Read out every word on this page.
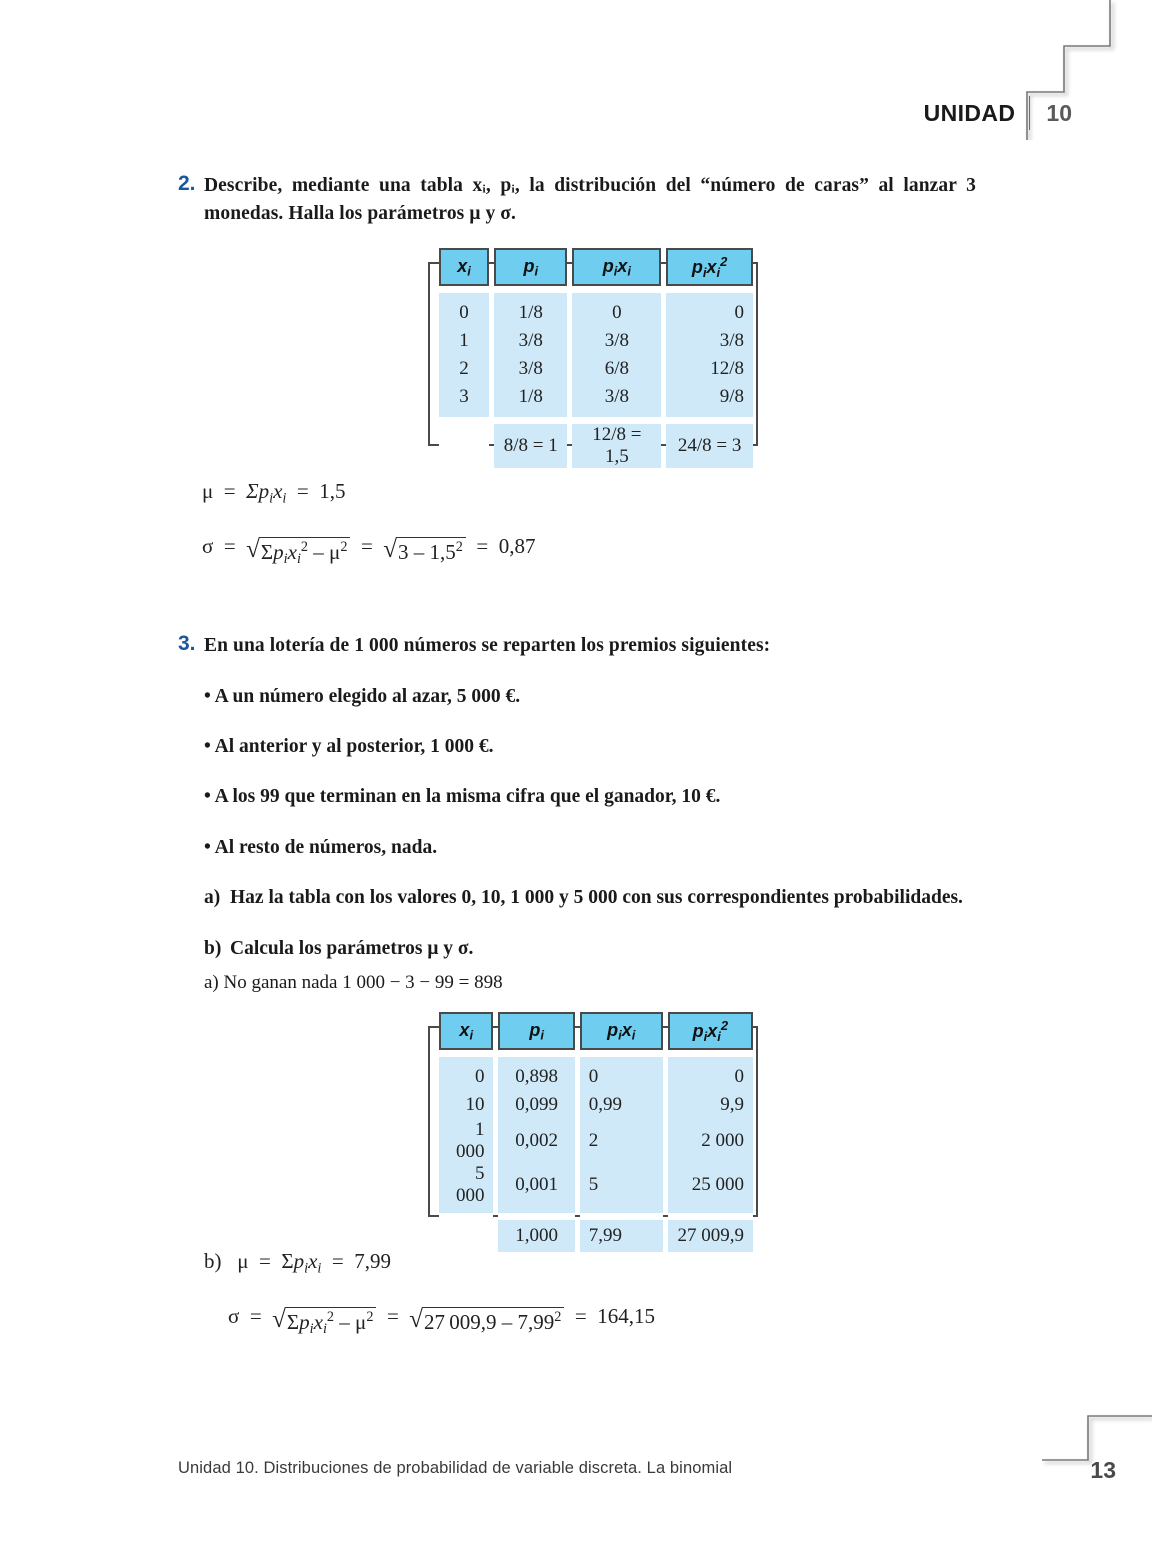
UNIDAD 10
2. Describe, mediante una tabla xᵢ, pᵢ, la distribución del “número de caras” al lanzar 3 monedas. Halla los parámetros μ y σ.
$x_i$	$p_i$	$p_ix_i$	$p_ix_i^2$

0	1/8	0	0
1	3/8	3/8	3/8
2	3/8	6/8	12/8
3	1/8	3/8	9/8

	8/8 = 1	12/8 = 1,5	24/8 = 3
$\mu = \Sigma p_ix_i = 1,5$
σ  = √ $\Sigma p_ix_i^2 - \mu^2$ = √ $3 - 1,5^2 = 0,87$
3. En una lotería de 1 000 números se reparten los premios siguientes:
• A un número elegido al azar, 5 000 €.
• Al anterior y al posterior, 1 000 €.
• A los 99 que terminan en la misma cifra que el ganador, 10 €.
• Al resto de números, nada.
a) Haz la tabla con los valores 0, 10, 1 000 y 5 000 con sus correspondientes probabilidades.
b) Calcula los parámetros μ y σ.
a) No ganan nada 1 000 − 3 − 99 = 898
$x_i$	$p_i$	$p_ix_i$	$p_ix_i^2$

0	0,898	0	0
10	0,099	0,99	9,9
1 000	0,002	2	2 000
5 000	0,001	5	25 000

	1,000	7,99	27 009,9
b) $\mu = \Sigma p_ix_i = 7,99$
σ  = √ $\Sigma p_ix_i^2 - \mu^2$ = √ 27 $009,9 - 7,99^2 = 164,15$
Unidad 10. Distribuciones de probabilidad de variable discreta. La binomial	13
